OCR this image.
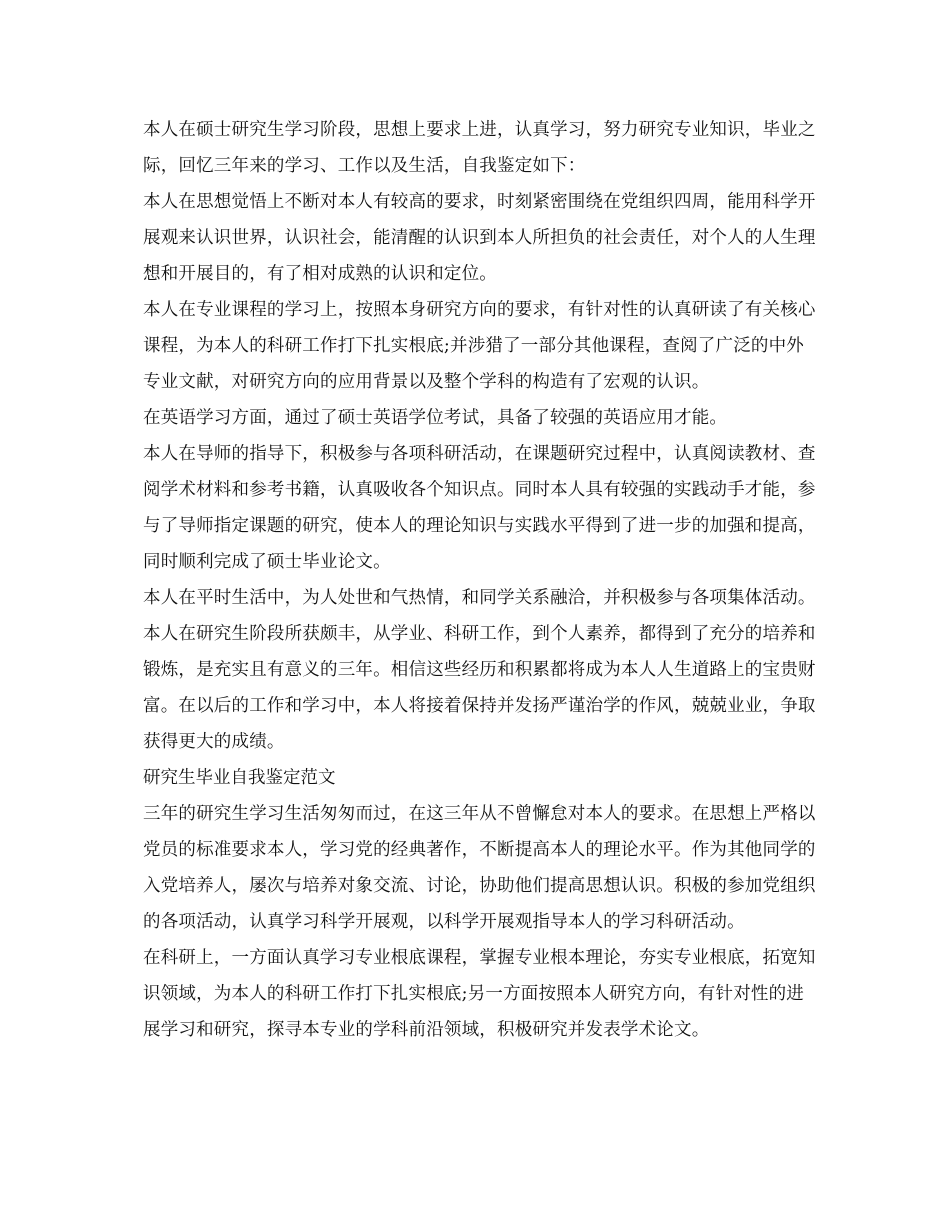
本人在硕士研究生学习阶段，思想上要求上进，认真学习，努力研究专业知识，毕业之际，回忆三年来的学习、工作以及生活，自我鉴定如下：

本人在思想觉悟上不断对本人有较高的要求，时刻紧密围绕在党组织四周，能用科学开展观来认识世界，认识社会，能清醒的认识到本人所担负的社会责任，对个人的人生理想和开展目的，有了相对成熟的认识和定位。

本人在专业课程的学习上，按照本身研究方向的要求，有针对性的认真研读了有关核心课程，为本人的科研工作打下扎实根底;并涉猎了一部分其他课程，查阅了广泛的中外专业文献，对研究方向的应用背景以及整个学科的构造有了宏观的认识。

在英语学习方面，通过了硕士英语学位考试，具备了较强的英语应用才能。

本人在导师的指导下，积极参与各项科研活动，在课题研究过程中，认真阅读教材、查阅学术材料和参考书籍，认真吸收各个知识点。同时本人具有较强的实践动手才能，参与了导师指定课题的研究，使本人的理论知识与实践水平得到了进一步的加强和提高，同时顺利完成了硕士毕业论文。

本人在平时生活中，为人处世和气热情，和同学关系融洽，并积极参与各项集体活动。

本人在研究生阶段所获颇丰，从学业、科研工作，到个人素养，都得到了充分的培养和锻炼，是充实且有意义的三年。相信这些经历和积累都将成为本人人生道路上的宝贵财富。在以后的工作和学习中，本人将接着保持并发扬严谨治学的作风，兢兢业业，争取获得更大的成绩。

研究生毕业自我鉴定范文

三年的研究生学习生活匆匆而过，在这三年从不曾懈怠对本人的要求。在思想上严格以党员的标准要求本人，学习党的经典著作，不断提高本人的理论水平。作为其他同学的入党培养人，屡次与培养对象交流、讨论，协助他们提高思想认识。积极的参加党组织的各项活动，认真学习科学开展观，以科学开展观指导本人的学习科研活动。

在科研上，一方面认真学习专业根底课程，掌握专业根本理论，夯实专业根底，拓宽知识领域，为本人的科研工作打下扎实根底;另一方面按照本人研究方向，有针对性的进展学习和研究，探寻本专业的学科前沿领域，积极研究并发表学术论文。
